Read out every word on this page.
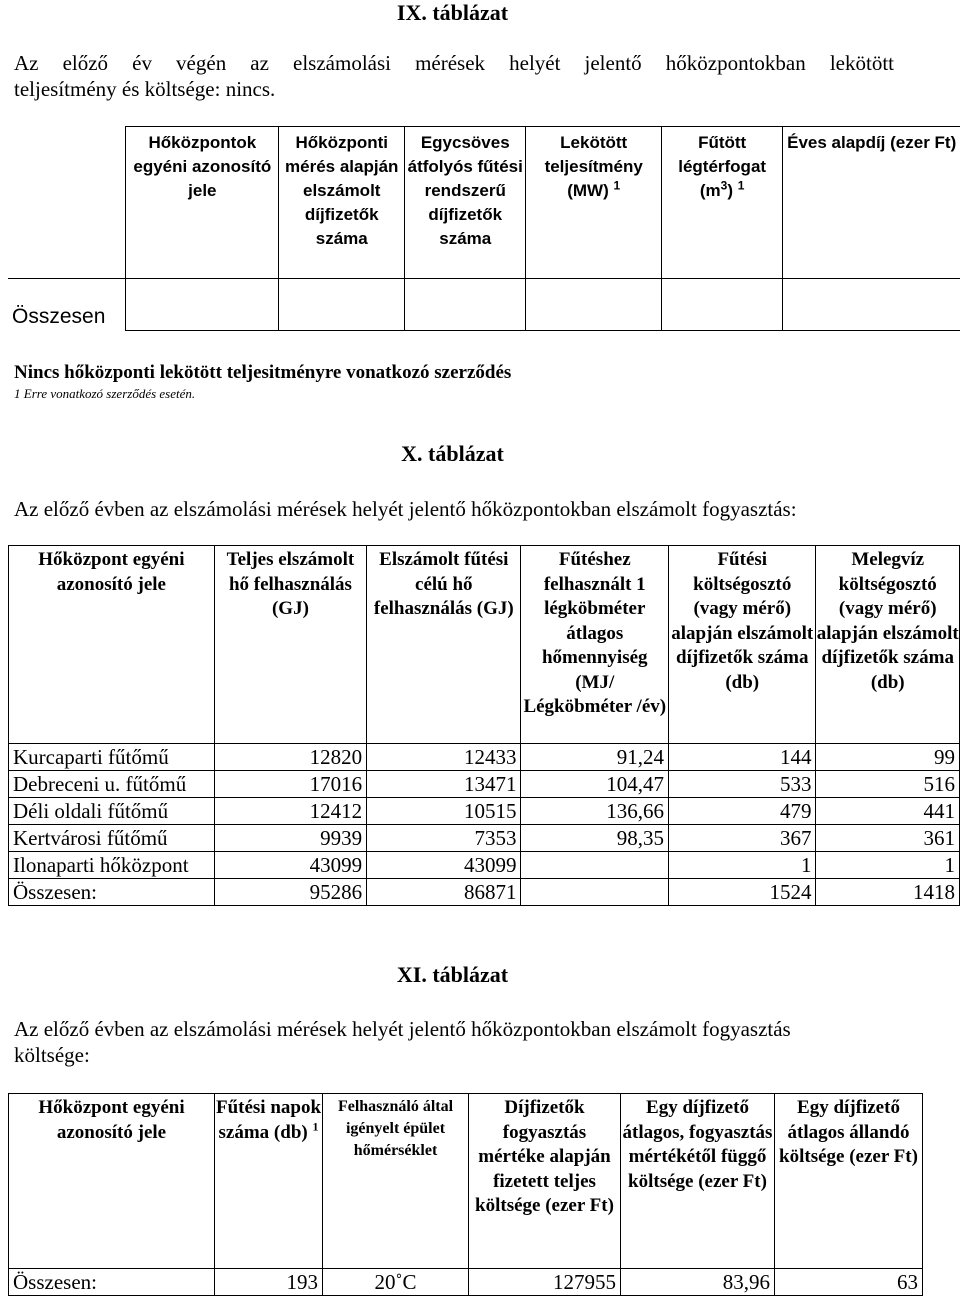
IX. táblázat
Az előző év végén az elszámolási mérések helyét jelentő hőközpontokban lekötött
teljesítmény és költsége: nincs.
	Hőközpontok egyéni azonosító jele	Hőközponti mérés alapján elszámolt díjfizetők száma	Egycsöves átfolyós fűtési rendszerű díjfizetők száma	Lekötött teljesítmény (MW) $^1$	Fűtött légtérfogat $(m^3)$ $^1$	Éves alapdíj (ezer Ft)
Összesen						
Nincs hőközponti lekötött teljesitményre vonatkozó szerződés
1 Erre vonatkozó szerződés esetén.
X. táblázat
Az előző évben az elszámolási mérések helyét jelentő hőközpontokban elszámolt fogyasztás:
Hőközpont egyéni azonosító jele	Teljes elszámolt hő felhasználás (GJ)	Elszámolt fűtési célú hő felhasználás (GJ)	Fűtéshez felhasznált 1 légköbméter átlagos hőmennyiség (MJ/ Légköbméter /év)	Fűtési költségosztó (vagy mérő) alapján elszámolt díjfizetők száma (db)	Melegvíz költségosztó (vagy mérő) alapján elszámolt díjfizetők száma (db)
Kurcaparti fűtőmű	12820	12433	91,24	144	99
Debreceni u. fűtőmű	17016	13471	104,47	533	516
Déli oldali fűtőmű	12412	10515	136,66	479	441
Kertvárosi fűtőmű	9939	7353	98,35	367	361
Ilonaparti hőközpont	43099	43099		1	1
Összesen:	95286	86871		1524	1418
XI. táblázat
Az előző évben az elszámolási mérések helyét jelentő hőközpontokban elszámolt fogyasztás
költsége:
Hőközpont egyéni azonosító jele	Fűtési napok száma (db) $^1$	Felhasználó által igényelt épület hőmérséklet	Díjfizetők fogyasztás mértéke alapján fizetett teljes költsége (ezer Ft)	Egy díjfizető átlagos, fogyasztás mértékétől függő költsége (ezer Ft)	Egy díjfizető átlagos állandó költsége (ezer Ft)
Összesen:	193	20˚C	127955	83,96	63
